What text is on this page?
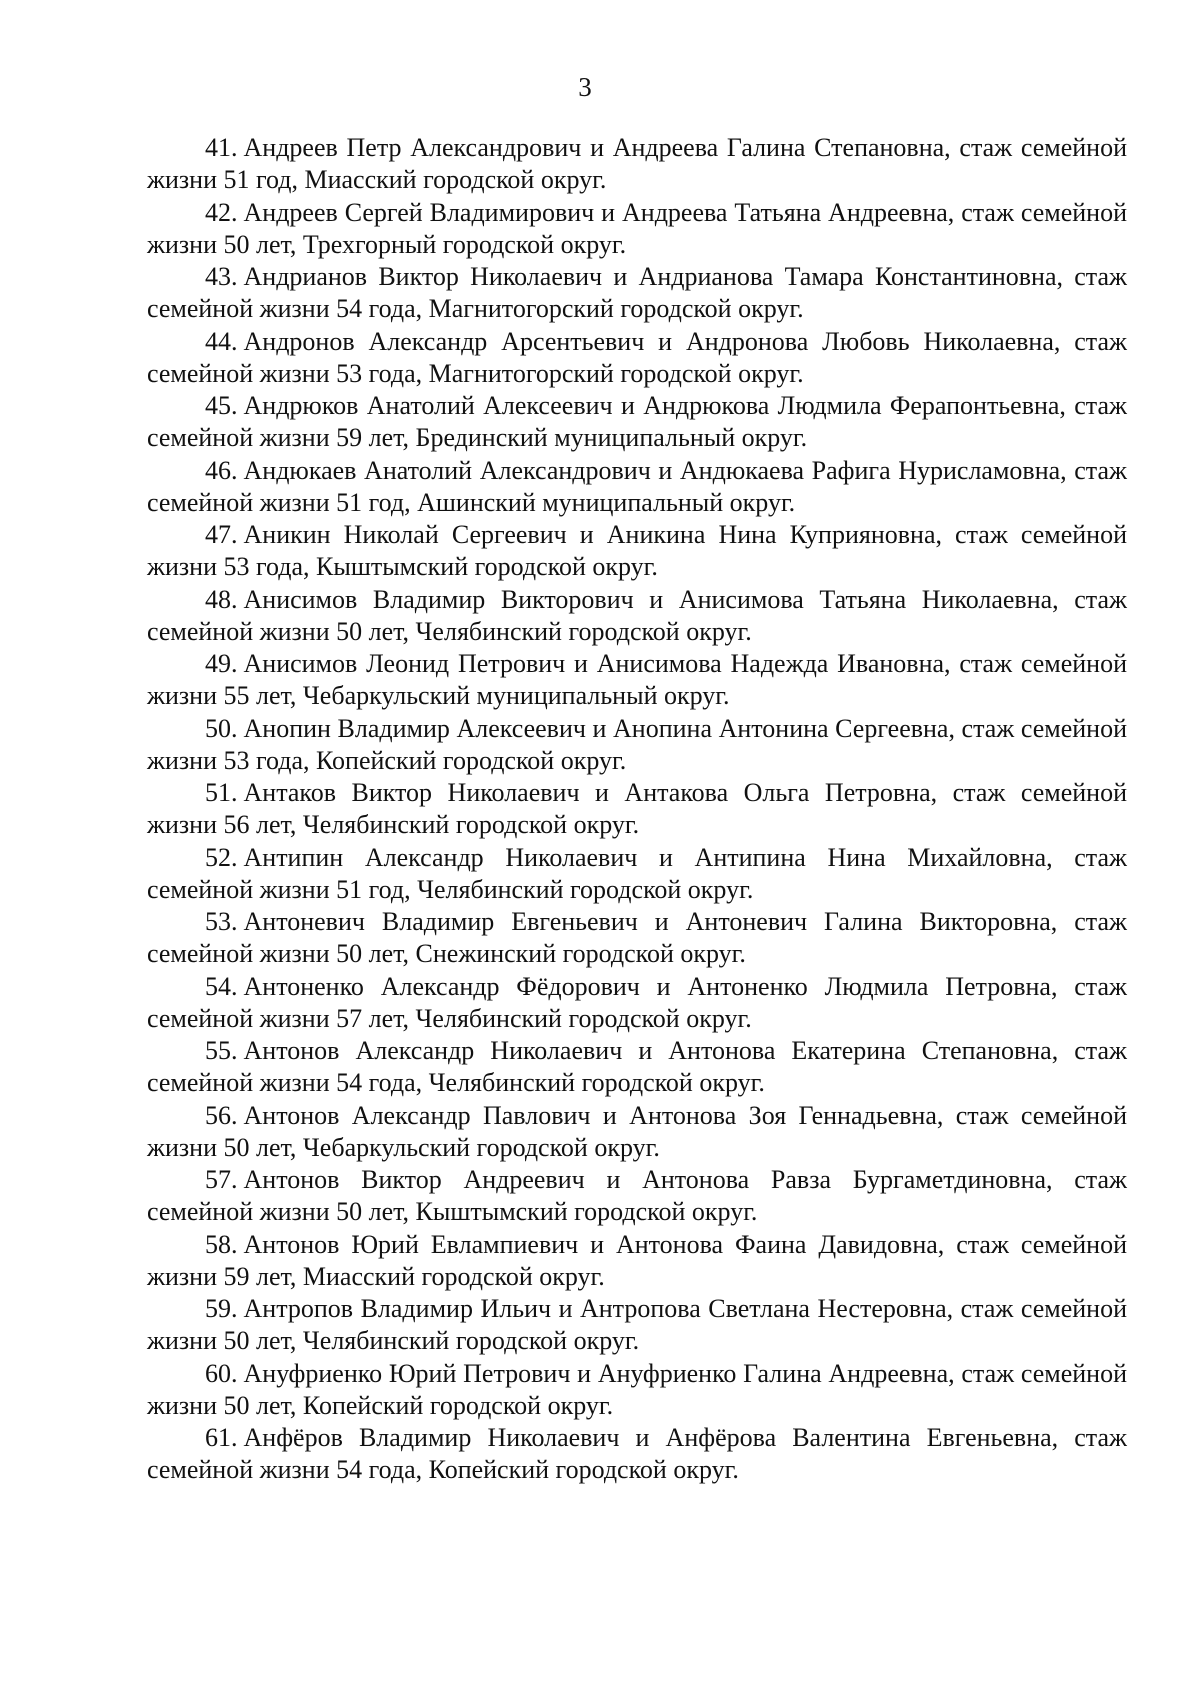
3

41. Андреев Петр Александрович и Андреева Галина Степановна, стаж семейной жизни 51 год, Миасский городской округ.

42. Андреев Сергей Владимирович и Андреева Татьяна Андреевна, стаж семейной жизни 50 лет, Трехгорный городской округ.

43. Андрианов Виктор Николаевич и Андрианова Тамара Константиновна, стаж семейной жизни 54 года, Магнитогорский городской округ.

44. Андронов Александр Арсентьевич и Андронова Любовь Николаевна, стаж семейной жизни 53 года, Магнитогорский городской округ.

45. Андрюков Анатолий Алексеевич и Андрюкова Людмила Ферапонтьевна, стаж семейной жизни 59 лет, Брединский муниципальный округ.

46. Андюкаев Анатолий Александрович и Андюкаева Рафига Нурисламовна, стаж семейной жизни 51 год, Ашинский муниципальный округ.

47. Аникин Николай Сергеевич и Аникина Нина Куприяновна, стаж семейной жизни 53 года, Кыштымский городской округ.

48. Анисимов Владимир Викторович и Анисимова Татьяна Николаевна, стаж семейной жизни 50 лет, Челябинский городской округ.

49. Анисимов Леонид Петрович и Анисимова Надежда Ивановна, стаж семейной жизни 55 лет, Чебаркульский муниципальный округ.

50. Анопин Владимир Алексеевич и Анопина Антонина Сергеевна, стаж семейной жизни 53 года, Копейский городской округ.

51. Антаков Виктор Николаевич и Антакова Ольга Петровна, стаж семейной жизни 56 лет, Челябинский городской округ.

52. Антипин Александр Николаевич и Антипина Нина Михайловна, стаж семейной жизни 51 год, Челябинский городской округ.

53. Антоневич Владимир Евгеньевич и Антоневич Галина Викторовна, стаж семейной жизни 50 лет, Снежинский городской округ.

54. Антоненко Александр Фёдорович и Антоненко Людмила Петровна, стаж семейной жизни 57 лет, Челябинский городской округ.

55. Антонов Александр Николаевич и Антонова Екатерина Степановна, стаж семейной жизни 54 года, Челябинский городской округ.

56. Антонов Александр Павлович и Антонова Зоя Геннадьевна, стаж семейной жизни 50 лет, Чебаркульский городской округ.

57. Антонов Виктор Андреевич и Антонова Равза Бургаметдиновна, стаж семейной жизни 50 лет, Кыштымский городской округ.

58. Антонов Юрий Евлампиевич и Антонова Фаина Давидовна, стаж семейной жизни 59 лет, Миасский городской округ.

59. Антропов Владимир Ильич и Антропова Светлана Нестеровна, стаж семейной жизни 50 лет, Челябинский городской округ.

60. Ануфриенко Юрий Петрович и Ануфриенко Галина Андреевна, стаж семейной жизни 50 лет, Копейский городской округ.

61. Анфёров Владимир Николаевич и Анфёрова Валентина Евгеньевна, стаж семейной жизни 54 года, Копейский городской округ.
